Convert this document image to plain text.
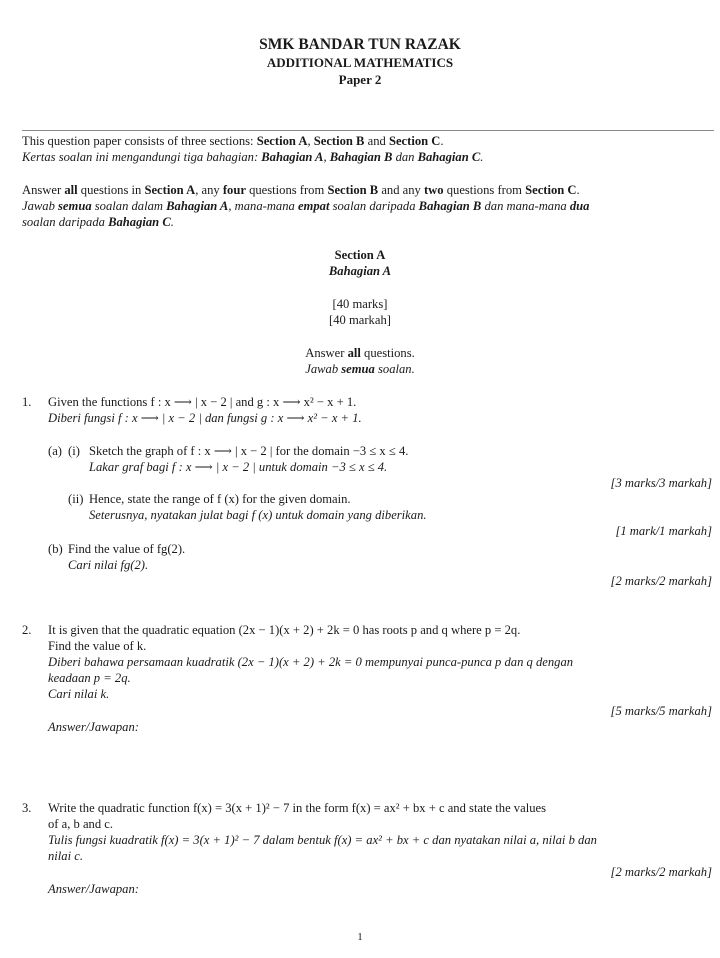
SMK BANDAR TUN RAZAK
ADDITIONAL MATHEMATICS
Paper 2
This question paper consists of three sections: Section A, Section B and Section C.
Kertas soalan ini mengandungi tiga bahagian: Bahagian A, Bahagian B dan Bahagian C.
Answer all questions in Section A, any four questions from Section B and any two questions from Section C.
Jawab semua soalan dalam Bahagian A, mana-mana empat soalan daripada Bahagian B dan mana-mana dua
soalan daripada Bahagian C.
Section A
Bahagian A
[40 marks]
[40 markah]
Answer all questions.
Jawab semua soalan.
1. Given the functions f : x ⟶ | x − 2 | and g : x ⟶ x² − x + 1.
Diberi fungsi f : x ⟶ | x − 2 | dan fungsi g : x ⟶ x² − x + 1.
(a) (i) Sketch the graph of f : x ⟶ | x − 2 | for the domain −3 ≤ x ≤ 4.
Lakar graf bagi f : x ⟶ | x − 2 | untuk domain −3 ≤ x ≤ 4.
[3 marks/3 markah]
(ii) Hence, state the range of f (x) for the given domain.
Seterusnya, nyatakan julat bagi f (x) untuk domain yang diberikan.
[1 mark/1 markah]
(b) Find the value of fg(2).
Cari nilai fg(2).
[2 marks/2 markah]
2. It is given that the quadratic equation (2x − 1)(x + 2) + 2k = 0 has roots p and q where p = 2q.
Find the value of k.
Diberi bahawa persamaan kuadratik (2x − 1)(x + 2) + 2k = 0 mempunyai punca-punca p dan q dengan
keadaan p = 2q.
Cari nilai k.
[5 marks/5 markah]
Answer/Jawapan:
3. Write the quadratic function f(x) = 3(x + 1)² − 7 in the form f(x) = ax² + bx + c and state the values
of a, b and c.
Tulis fungsi kuadratik f(x) = 3(x + 1)² − 7 dalam bentuk f(x) = ax² + bx + c dan nyatakan nilai a, nilai b dan
nilai c.
[2 marks/2 markah]
Answer/Jawapan:
1
